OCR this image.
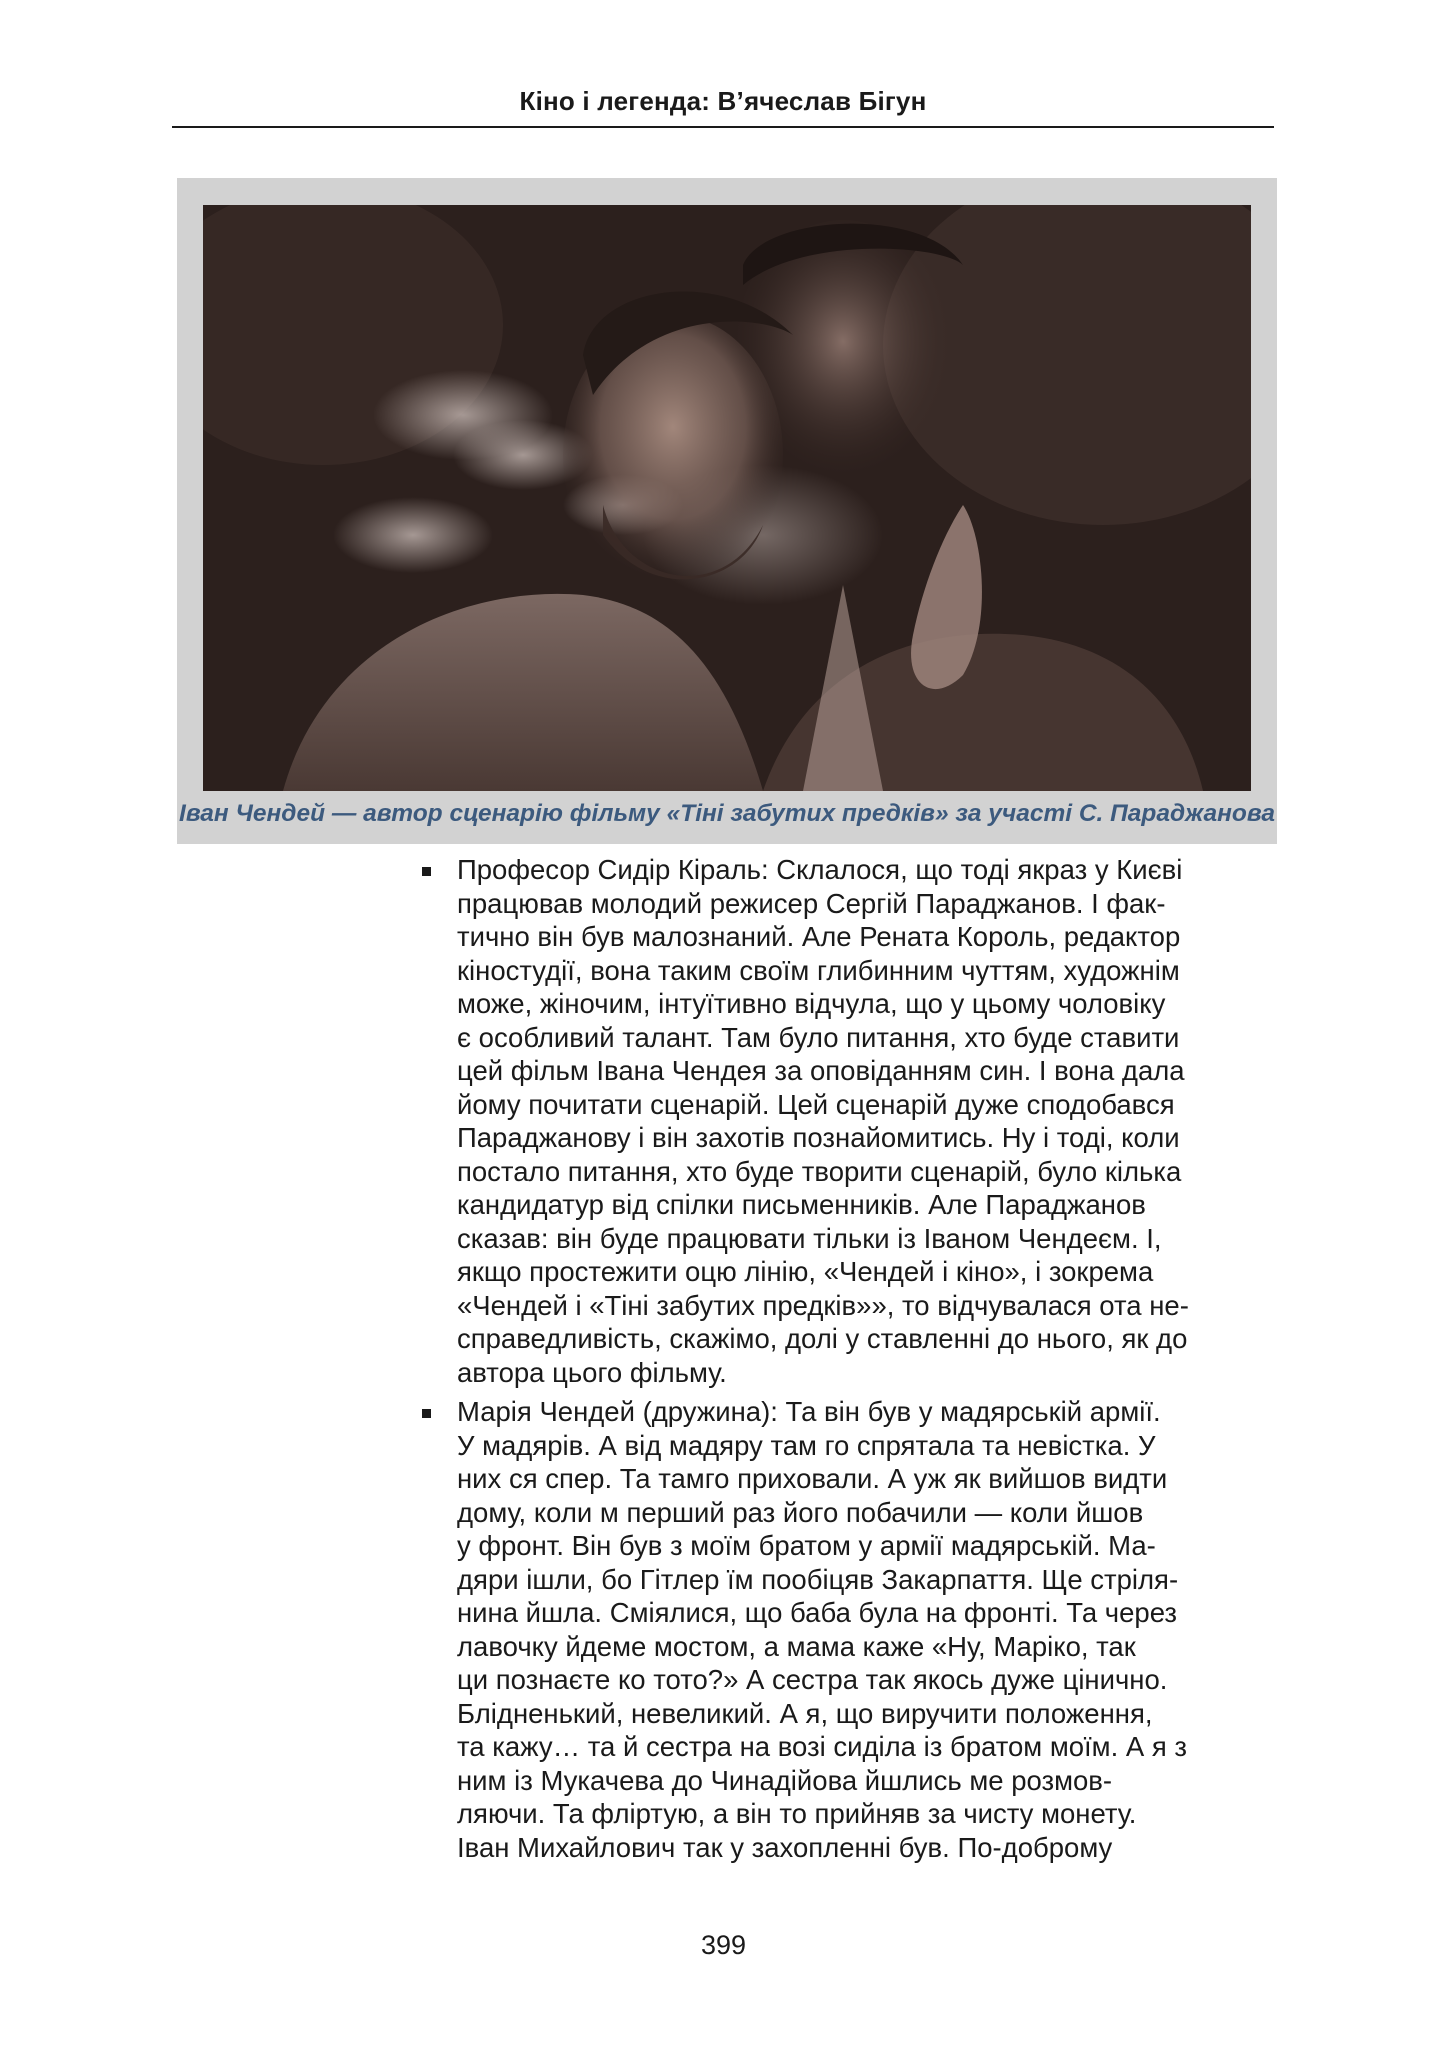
Кіно і легенда: В’ячеслав Бігун
Іван Чендей — автор сценарію фільму «Тіні забутих предків» за участі С. Параджанова

Професор Сидір Кіраль: Склалося, що тоді якраз у Києві
працював молодий режисер Сергій Параджанов. І фак-
тично він був малознаний. Але Рената Король, редактор
кіностудії, вона таким своїм глибинним чуттям, художнім
може, жіночим, інтуїтивно відчула, що у цьому чоловіку
є особливий талант. Там було питання, хто буде ставити
цей фільм Івана Чендея за оповіданням син. І вона дала
йому почитати сценарій. Цей сценарій дуже сподобався
Параджанову і він захотів познайомитись. Ну і тоді, коли
постало питання, хто буде творити сценарій, було кілька
кандидатур від спілки письменників. Але Параджанов
сказав: він буде працювати тільки із Іваном Чендеєм. І,
якщо простежити оцю лінію, «Чендей і кіно», і зокрема
«Чендей і «Тіні забутих предків»», то відчувалася ота не-
справедливість, скажімо, долі у ставленні до нього, як до
автора цього фільму.

Марія Чендей (дружина): Та він був у мадярській армії.
У мадярів. А від мадяру там го спрятала та невістка. У
них ся спер. Та тамго приховали. А уж як вийшов видти
дому, коли м перший раз його побачили — коли йшов
у фронт. Він був з моїм братом у армії мадярській. Ма-
дяри ішли, бо Гітлер їм пообіцяв Закарпаття. Ще стріля-
нина йшла. Сміялися, що баба була на фронті. Та через
лавочку йдеме мостом, а мама каже «Ну, Маріко, так
ци познаєте ко тото?» А сестра так якось дуже цінично.
Блідненький, невеликий. А я, що виручити положення,
та кажу… та й сестра на возі сиділа із братом моїм. А я з
ним із Мукачева до Чинадійова йшлись ме розмов-
ляючи. Та фліртую, а він то прийняв за чисту монету.
Іван Михайлович так у захопленні був. По-доброму

399
